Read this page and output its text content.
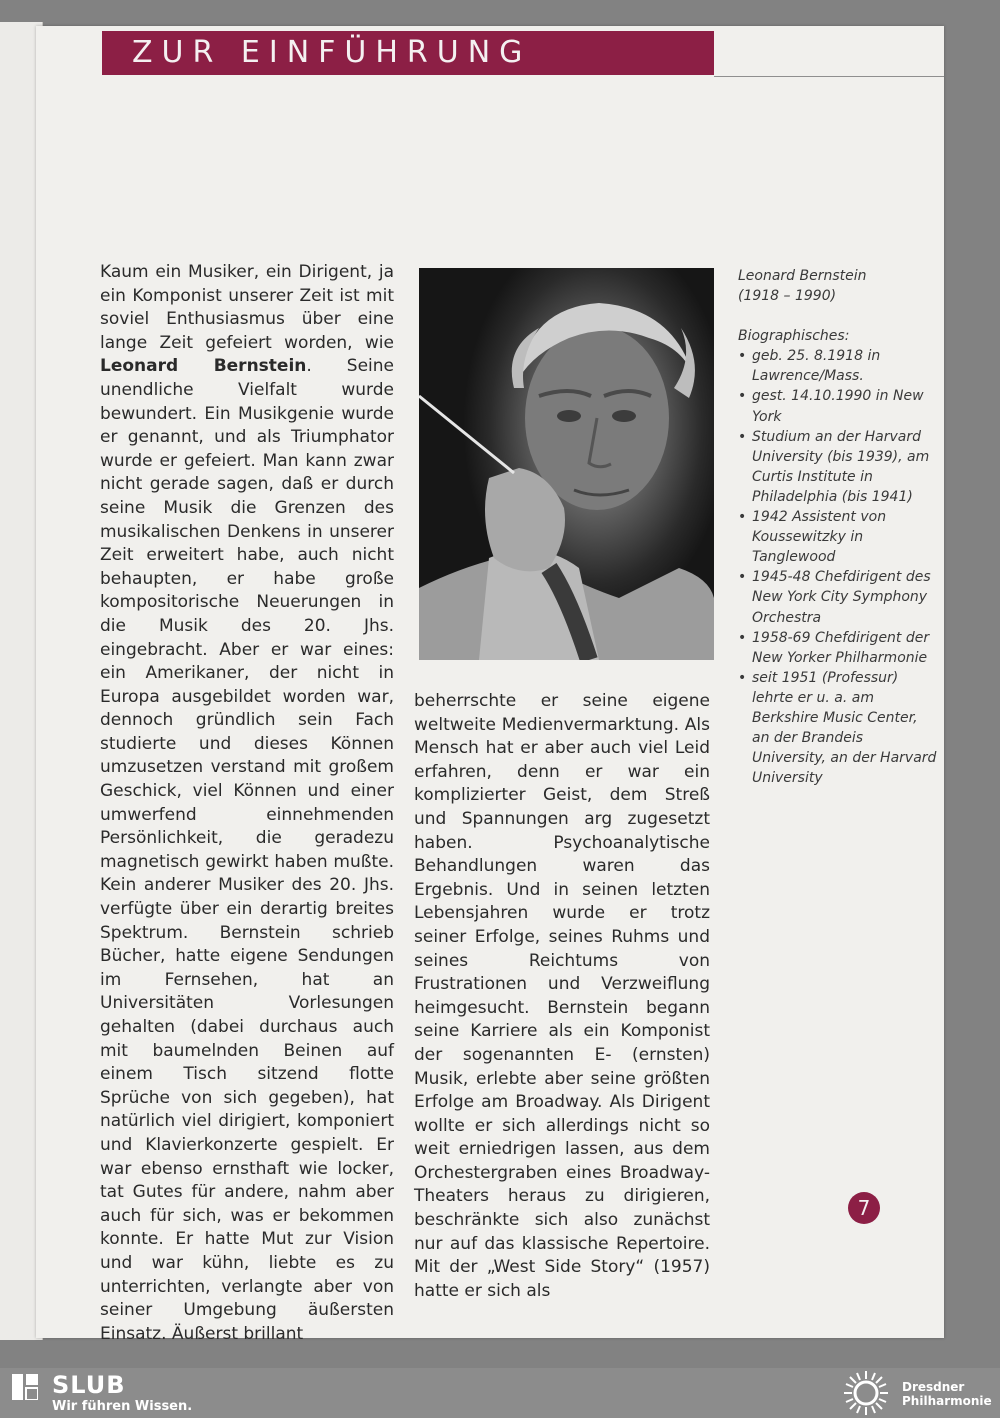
ZUR EINFÜHRUNG

Kaum ein Musiker, ein Dirigent, ja ein Komponist unserer Zeit ist mit soviel Enthusiasmus über eine lange Zeit gefeiert worden, wie Leonard Bernstein. Seine unendliche Vielfalt wurde bewundert. Ein Musikgenie wurde er genannt, und als Triumphator wurde er gefeiert. Man kann zwar nicht gerade sagen, daß er durch seine Musik die Grenzen des musikalischen Denkens in unserer Zeit erweitert habe, auch nicht behaupten, er habe große kompositorische Neuerungen in die Musik des 20. Jhs. eingebracht. Aber er war eines: ein Amerikaner, der nicht in Europa ausgebildet worden war, dennoch gründlich sein Fach studierte und dieses Können umzusetzen verstand mit großem Geschick, viel Können und einer umwerfend einnehmenden Persönlichkeit, die geradezu magnetisch gewirkt haben mußte. Kein anderer Musiker des 20. Jhs. verfügte über ein derartig breites Spektrum. Bernstein schrieb Bücher, hatte eigene Sendungen im Fernsehen, hat an Universitäten Vorlesungen gehalten (dabei durchaus auch mit baumelnden Beinen auf einem Tisch sitzend flotte Sprüche von sich gegeben), hat natürlich viel dirigiert, komponiert und Klavierkonzerte gespielt. Er war ebenso ernsthaft wie locker, tat Gutes für andere, nahm aber auch für sich, was er bekommen konnte. Er hatte Mut zur Vision und war kühn, liebte es zu unterrichten, verlangte aber von seiner Umgebung äußersten Einsatz. Äußerst brillant

beherrschte er seine eigene weltweite Medienvermarktung. Als Mensch hat er aber auch viel Leid erfahren, denn er war ein komplizierter Geist, dem Streß und Spannungen arg zugesetzt haben. Psychoanalytische Behandlungen waren das Ergebnis. Und in seinen letzten Lebensjahren wurde er trotz seiner Erfolge, seines Ruhms und seines Reichtums von Frustrationen und Verzweiflung heimgesucht. Bernstein begann seine Karriere als ein Komponist der sogenannten E- (ernsten) Musik, erlebte aber seine größten Erfolge am Broadway. Als Dirigent wollte er sich allerdings nicht so weit erniedrigen lassen, aus dem Orchestergraben eines Broadway-Theaters heraus zu dirigieren, beschränkte sich also zunächst nur auf das klassische Repertoire. Mit der „West Side Story“ (1957) hatte er sich als

Leonard Bernstein
(1918 – 1990)

Biographisches:

• geb. 25. 8.1918 in Lawrence/Mass.
• gest. 14.10.1990 in New York
• Studium an der Harvard University (bis 1939), am Curtis Institute in Philadelphia (bis 1941)
• 1942 Assistent von Koussewitzky in Tanglewood
• 1945-48 Chefdirigent des New York City Symphony Orchestra
• 1958-69 Chefdirigent der New Yorker Philharmonie
• seit 1951 (Professur) lehrte er u. a. am Berkshire Music Center, an der Brandeis University, an der Harvard University
7
SLUB
Wir führen Wissen.
Dresdner
Philharmonie
